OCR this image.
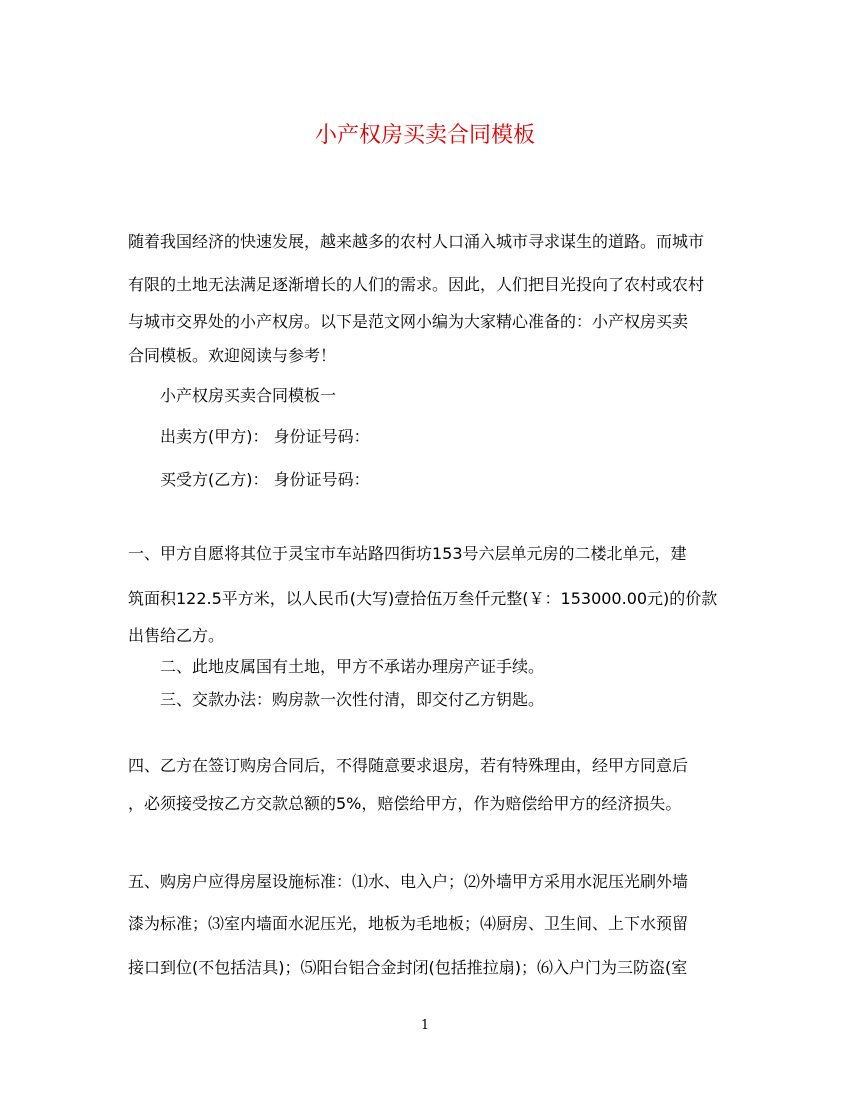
小产权房买卖合同模板
随着我国经济的快速发展，越来越多的农村人口涌入城市寻求谋生的道路。而城市
有限的土地无法满足逐渐增长的人们的需求。因此，人们把目光投向了农村或农村
与城市交界处的小产权房。以下是范文网小编为大家精心准备的：小产权房买卖
合同模板。欢迎阅读与参考！
小产权房买卖合同模板一
出卖方(甲方)： 身份证号码：
买受方(乙方)： 身份证号码：
一、甲方自愿将其位于灵宝市车站路四街坊153号六层单元房的二楼北单元，建
筑面积122.5平方米，以人民币(大写)壹拾伍万叁仟元整(￥：153000.00元)的价款
出售给乙方。
二、此地皮属国有土地，甲方不承诺办理房产证手续。
三、交款办法：购房款一次性付清，即交付乙方钥匙。
四、乙方在签订购房合同后，不得随意要求退房，若有特殊理由，经甲方同意后
，必须接受按乙方交款总额的5%，赔偿给甲方，作为赔偿给甲方的经济损失。
五、购房户应得房屋设施标准：⑴水、电入户；⑵外墙甲方采用水泥压光刷外墙
漆为标准；⑶室内墙面水泥压光，地板为毛地板；⑷厨房、卫生间、上下水预留
接口到位(不包括洁具)；⑸阳台铝合金封闭(包括推拉扇)；⑹入户门为三防盗(室
1
